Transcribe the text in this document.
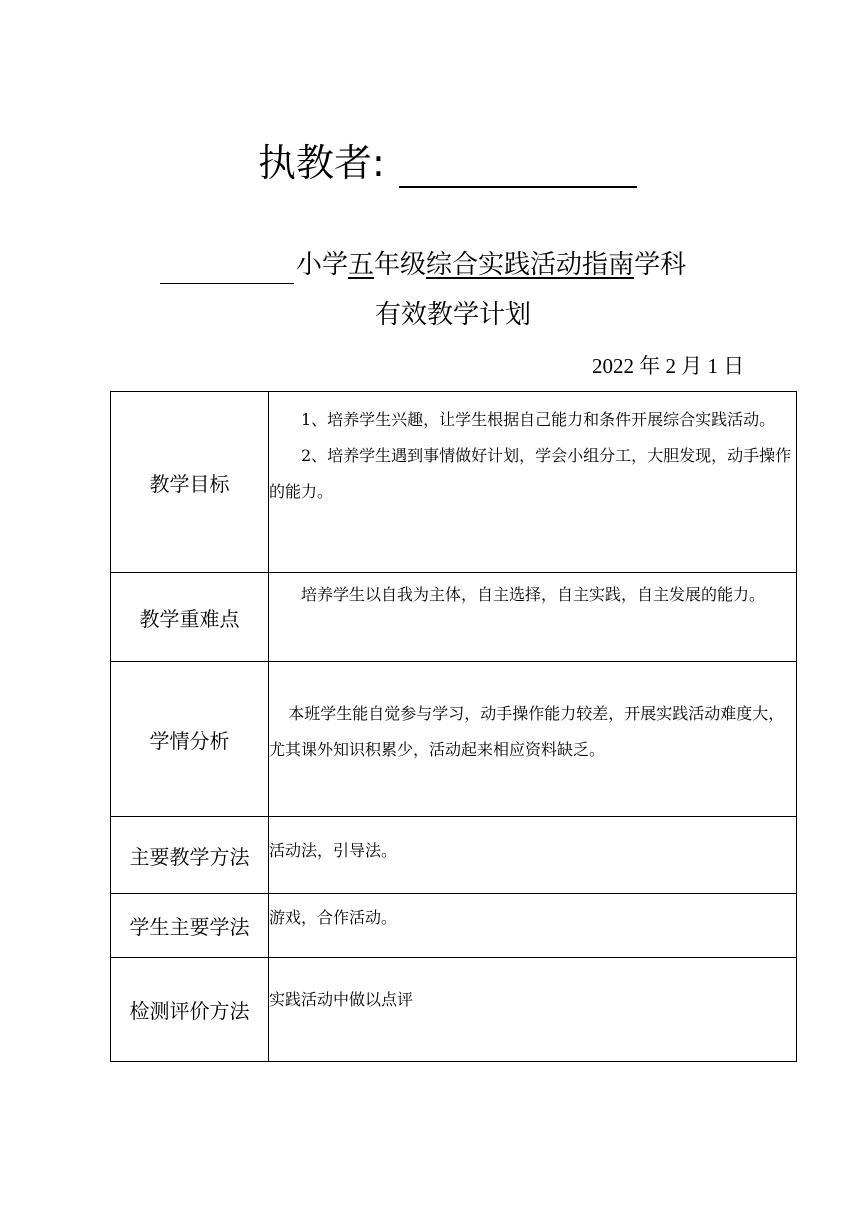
执教者:
小学 五 年级 综合实践活动指南 学科
有效教学计划
2022 年 2 月 1 日
教学目标	1、培养学生兴趣，让学生根据自己能力和条件开展综合实践活动。

2、培养学生遇到事情做好计划，学会小组分工，大胆发现，动手操作的能力。

教学重难点	培养学生以自我为主体，自主选择，自主实践，自主发展的能力。

学情分析	本班学生能自觉参与学习，动手操作能力较差，开展实践活动难度大，尤其课外知识积累少，活动起来相应资料缺乏。

主要教学方法	活动法，引导法。

学生主要学法	游戏，合作活动。

检测评价方法	实践活动中做以点评
